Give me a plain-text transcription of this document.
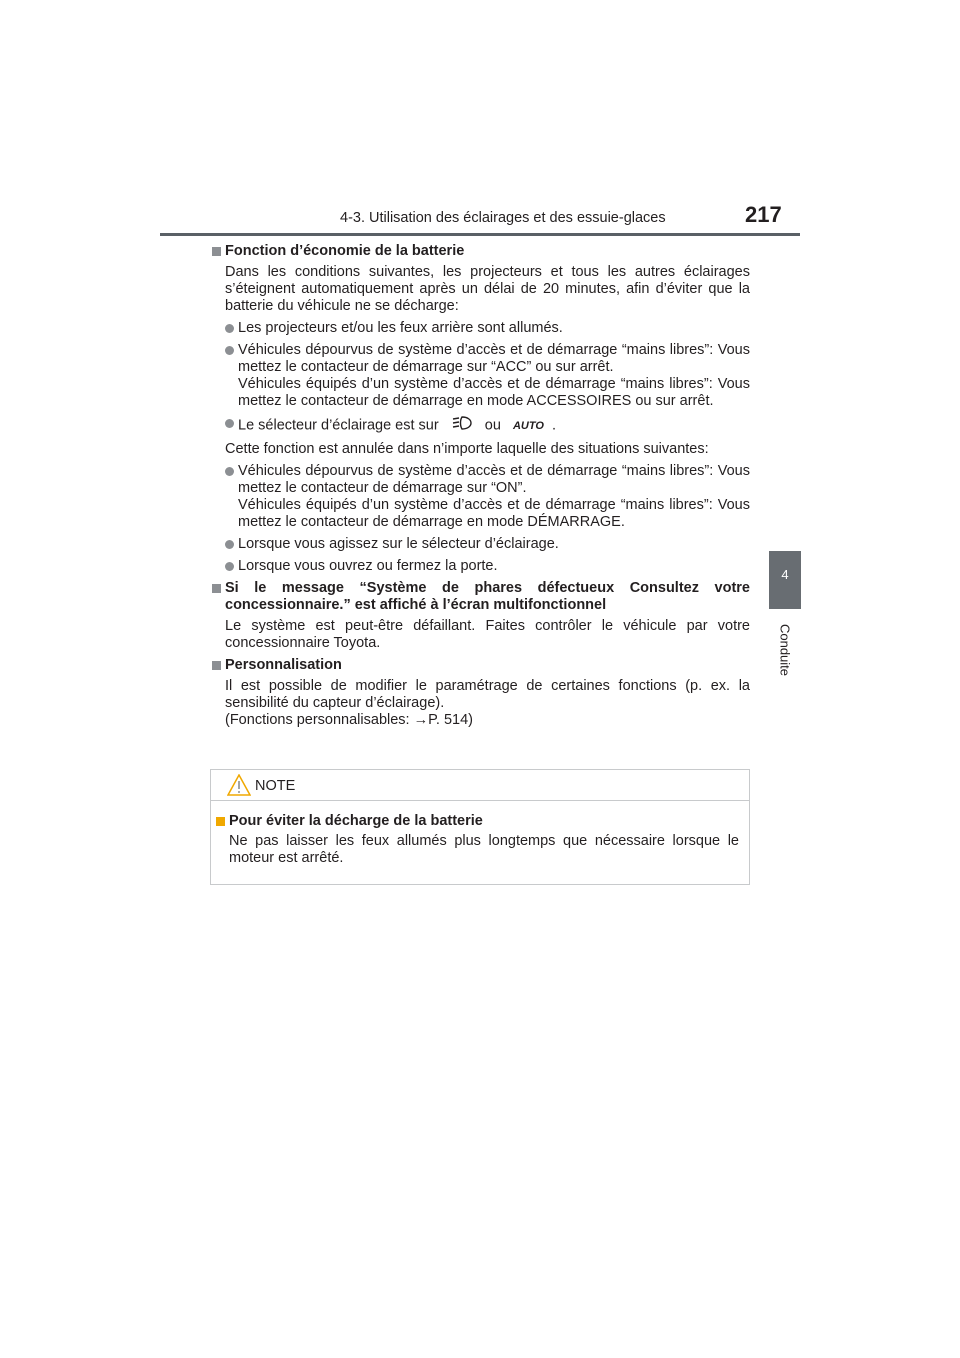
4-3. Utilisation des éclairages et des essuie-glaces	217
4
Conduite
Fonction d’économie de la batterie

Dans les conditions suivantes, les projecteurs et tous les autres éclairages s’éteignent automatiquement après un délai de 20 minutes, afin d’éviter que la batterie du véhicule ne se décharge:

Les projecteurs et/ou les feux arrière sont allumés.
Véhicules dépourvus de système d’accès et de démarrage “mains libres”: Vous mettez le contacteur de démarrage sur “ACC” ou sur arrêt.
Véhicules équipés d’un système d’accès et de démarrage “mains libres”: Vous mettez le contacteur de démarrage en mode ACCESSOIRES ou sur arrêt.
Le sélecteur d’éclairage est sur	ou AUTO .

Cette fonction est annulée dans n’importe laquelle des situations suivantes:

Véhicules dépourvus de système d’accès et de démarrage “mains libres”: Vous mettez le contacteur de démarrage sur “ON”.
Véhicules équipés d’un système d’accès et de démarrage “mains libres”: Vous mettez le contacteur de démarrage en mode DÉMARRAGE.
Lorsque vous agissez sur le sélecteur d’éclairage.
Lorsque vous ouvrez ou fermez la porte.
Si le message “Système de phares défectueux Consultez votre concessionnaire.” est affiché à l’écran multifonctionnel

Le système est peut-être défaillant. Faites contrôler le véhicule par votre concessionnaire Toyota.

Personnalisation

Il est possible de modifier le paramétrage de certaines fonctions (p. ex. la sensibilité du capteur d’éclairage).
(Fonctions personnalisables: →P. 514)

NOTE
Pour éviter la décharge de la batterie

Ne pas laisser les feux allumés plus longtemps que nécessaire lorsque le moteur est arrêté.
